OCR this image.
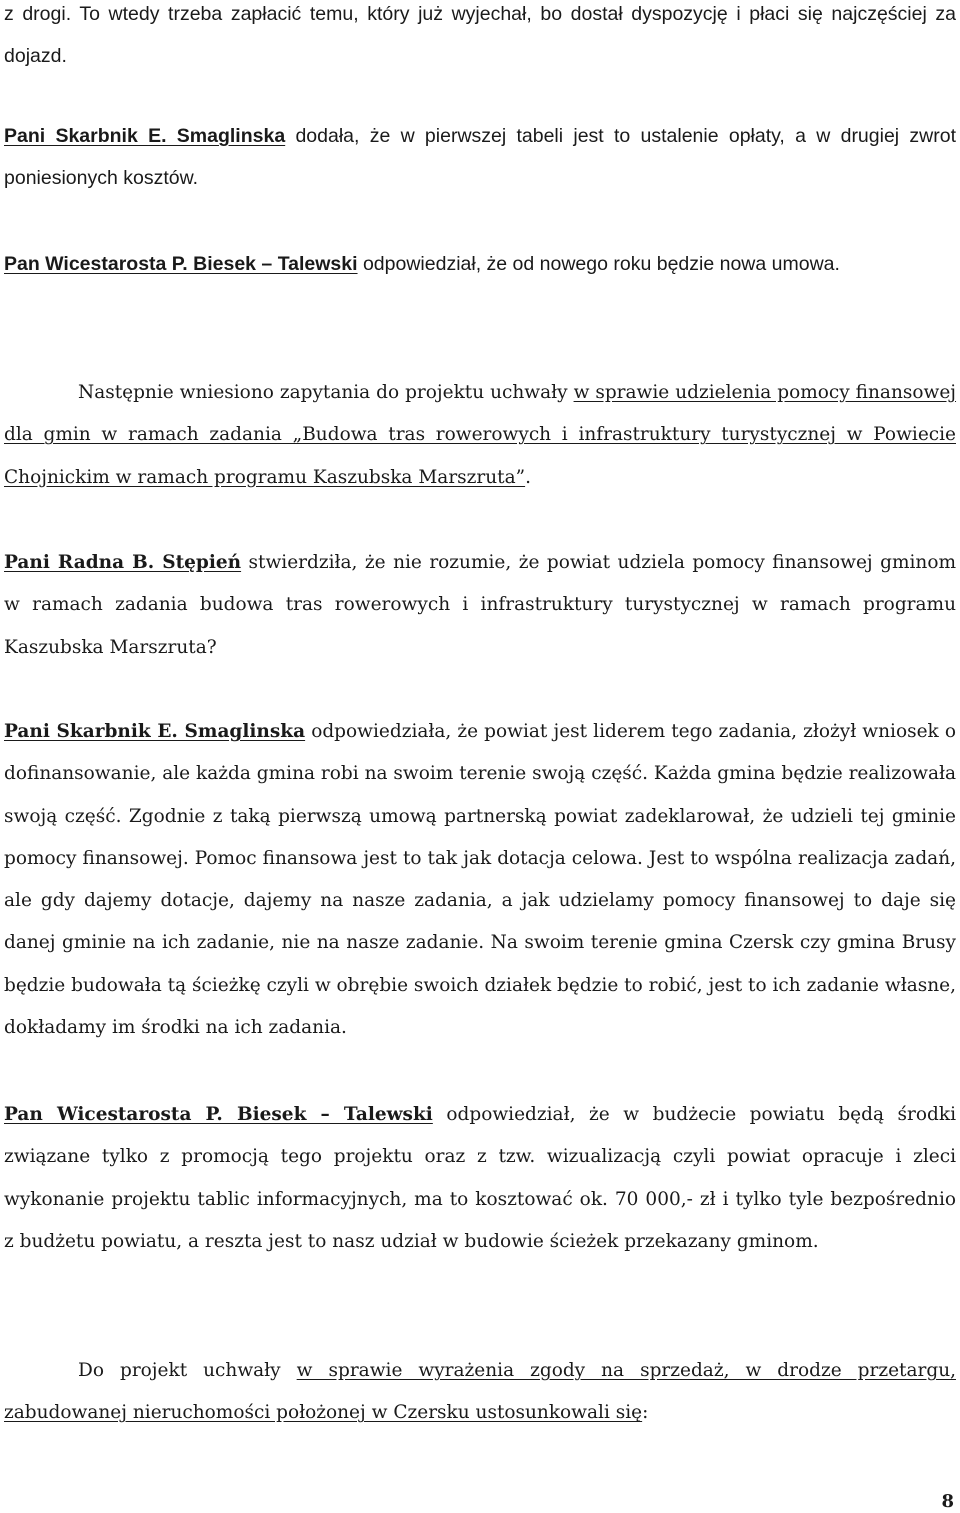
z drogi. To wtedy trzeba zapłacić temu, który już wyjechał, bo dostał dyspozycję i płaci się najczęściej za dojazd.

Pani Skarbnik E. Smaglinska dodała, że w pierwszej tabeli jest to ustalenie opłaty, a w drugiej zwrot poniesionych kosztów.

Pan Wicestarosta P. Biesek – Talewski odpowiedział, że od nowego roku będzie nowa umowa.

Następnie wniesiono zapytania do projektu uchwały w sprawie udzielenia pomocy finansowej dla gmin w ramach zadania „Budowa tras rowerowych i infrastruktury turystycznej w Powiecie Chojnickim w ramach programu Kaszubska Marszruta”.

Pani Radna B. Stępień stwierdziła, że nie rozumie, że powiat udziela pomocy finansowej gminom w ramach zadania budowa tras rowerowych i infrastruktury turystycznej w ramach programu Kaszubska Marszruta?

Pani Skarbnik E. Smaglinska odpowiedziała, że powiat jest liderem tego zadania, złożył wniosek o dofinansowanie, ale każda gmina robi na swoim terenie swoją część. Każda gmina będzie realizowała swoją część. Zgodnie z taką pierwszą umową partnerską powiat zadeklarował, że udzieli tej gminie pomocy finansowej. Pomoc finansowa jest to tak jak dotacja celowa. Jest to wspólna realizacja zadań, ale gdy dajemy dotacje, dajemy na nasze zadania, a jak udzielamy pomocy finansowej to daje się danej gminie na ich zadanie, nie na nasze zadanie. Na swoim terenie gmina Czersk czy gmina Brusy będzie budowała tą ścieżkę czyli w obrębie swoich działek będzie to robić, jest to ich zadanie własne, dokładamy im środki na ich zadania.

Pan Wicestarosta P. Biesek – Talewski odpowiedział, że w budżecie powiatu będą środki związane tylko z promocją tego projektu oraz z tzw. wizualizacją czyli powiat opracuje i zleci wykonanie projektu tablic informacyjnych, ma to kosztować ok. 70 000,- zł i tylko tyle bezpośrednio z budżetu powiatu, a reszta jest to nasz udział w budowie ścieżek przekazany gminom.

Do projekt uchwały w sprawie wyrażenia zgody na sprzedaż, w drodze przetargu, zabudowanej nieruchomości położonej w Czersku ustosunkowali się:

8
